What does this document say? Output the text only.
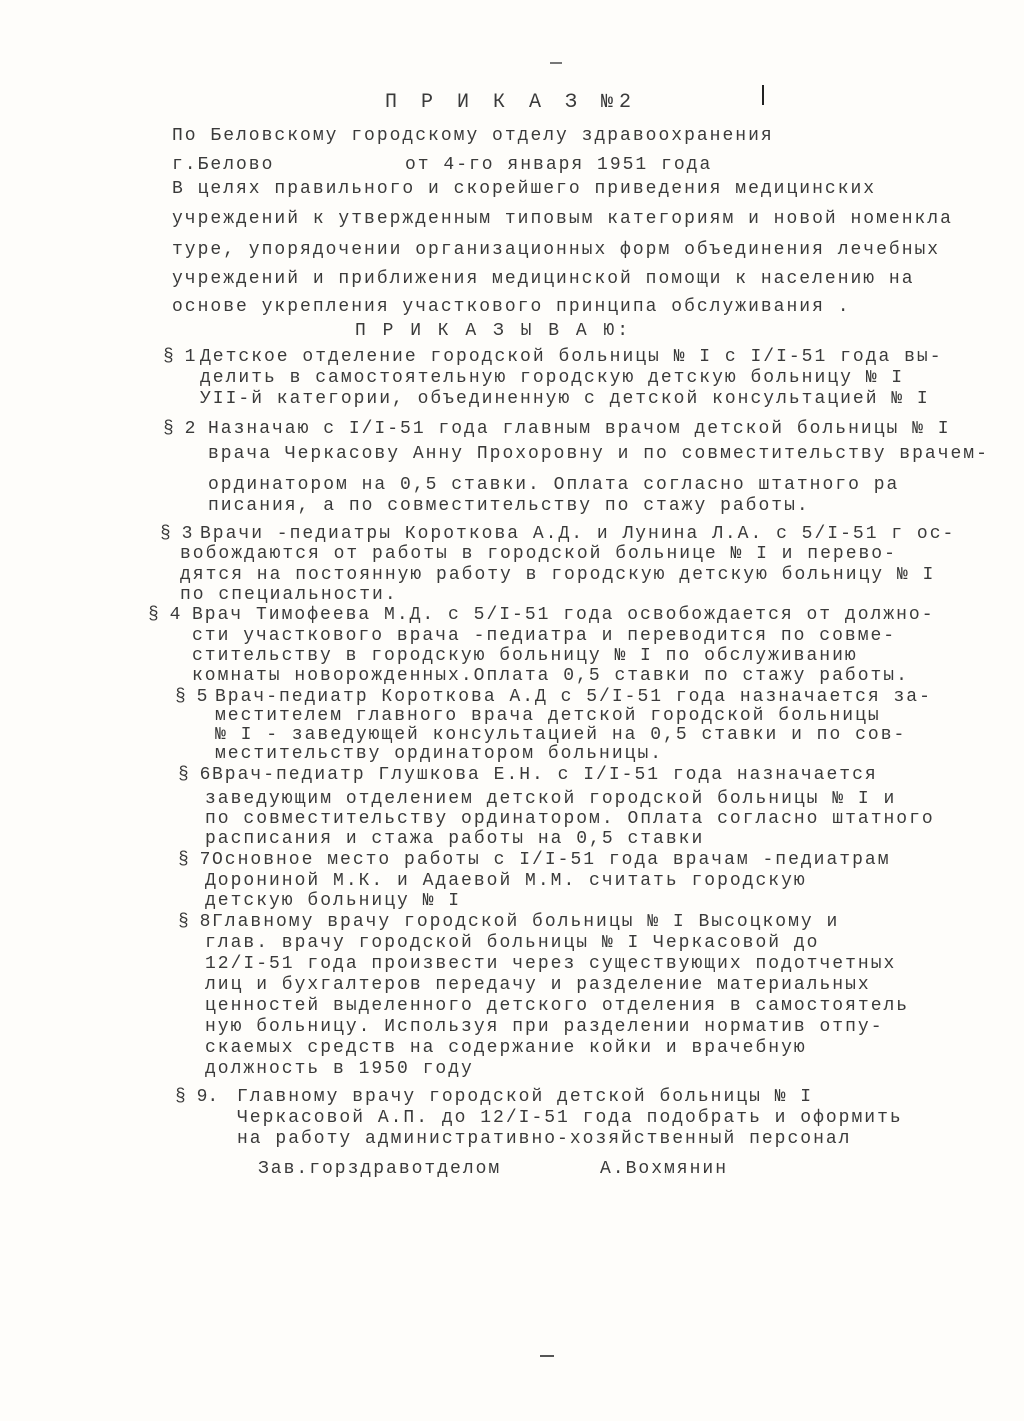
П Р И К А З №2
По Беловскому городскому отделу здравоохранения
г.Белово	от 4-го января 1951 года
В целях правильного и скорейшего приведения медицинских
учреждений к утвержденным типовым категориям и новой номенкла
туре, упорядочении организационных форм объединения лечебных
учреждений и приближения медицинской помощи к населению на
основе укрепления участкового принципа обслуживания .
П Р И К А З Ы В А Ю:
§ 1 Детское отделение городской больницы № I с I/I-51 года вы-
делить в самостоятельную городскую детскую больницу № I
УII-й категории, объединенную с детской консультацией № I
§ 2 Назначаю с I/I-51 года главным врачом детской больницы № I
врача Черкасову Анну Прохоровну и по совместительству врачем-
ординатором на 0,5 ставки. Оплата согласно штатного ра
писания, а по совместительству по стажу работы.
§ 3 Врачи -педиатры Короткова А.Д. и Лунина Л.А. с 5/I-51 г ос-
вобождаются от работы в городской больнице № I и перево-
дятся на постоянную работу в городскую детскую больницу № I
по специальности.
§ 4 Врач Тимофеева М.Д. с 5/I-51 года освобождается от должно-
сти участкового врача -педиатра и переводится по совме-
стительству в городскую больницу № I по обслуживанию
комнаты новорожденных.Оплата 0,5 ставки по стажу работы.
§ 5 Врач-педиатр Короткова А.Д с 5/I-51 года назначается за-
местителем главного врача детской городской больницы
№ I - заведующей консультацией на 0,5 ставки и по сов-
местительству ординатором больницы.
§ 6 Врач-педиатр Глушкова Е.Н. с I/I-51 года назначается
заведующим отделением детской городской больницы № I и
по совместительству ординатором. Оплата согласно штатного
расписания и стажа работы на 0,5 ставки
§ 7 Основное место работы с I/I-51 года врачам -педиатрам
Дорониной М.К. и Адаевой М.М. считать городскую
детскую больницу № I
§ 8 Главному врачу городской больницы № I Высоцкому и
глав. врачу городской больницы № I Черкасовой до
12/I-51 года произвести через существующих подотчетных
лиц и бухгалтеров передачу и разделение материальных
ценностей выделенного детского отделения в самостоятель
ную больницу. Используя при разделении норматив отпу-
скаемых средств на содержание койки и врачебную
должность в 1950 году
§ 9. Главному врачу городской детской больницы № I
Черкасовой А.П. до 12/I-51 года подобрать и оформить
на работу административно-хозяйственный персонал
Зав.горздравотделом	А.Вохмянин
